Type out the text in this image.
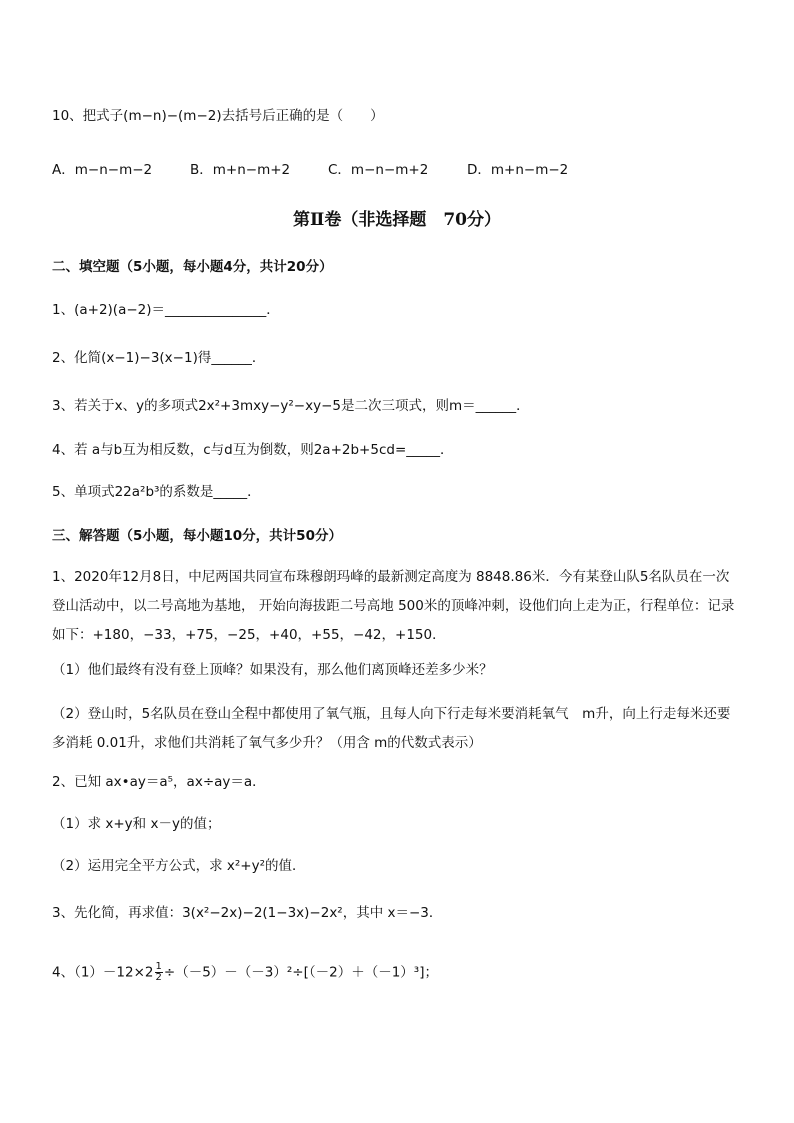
10、把式子(m−n)−(m−2)去括号后正确的是（　　）
A．m−n−m−2	B．m+n−m+2	C．m−n−m+2	D．m+n−m−2
第Ⅱ卷（非选择题　70分）
二、填空题（5小题，每小题4分，共计20分）
1、(a+2)(a−2)＝_______________．
2、化简(x−1)−3(x−1)得______．
3、若关于x、y的多项式2x²+3mxy−y²−xy−5是二次三项式，则m＝______．
4、若 a与b互为相反数，c与d互为倒数，则2a+2b+5cd=_____．
5、单项式22a²b³的系数是_____．
三、解答题（5小题，每小题10分，共计50分）
1、2020年12月8日，中尼两国共同宣布珠穆朗玛峰的最新测定高度为 8848.86米．今有某登山队5名队员在一次登山活动中，以二号高地为基地， 开始向海拔距二号高地 500米的顶峰冲刺，设他们向上走为正，行程单位：记录如下：+180，−33，+75，−25，+40，+55，−42，+150．
（1）他们最终有没有登上顶峰？如果没有，那么他们离顶峰还差多少米？
（2）登山时，5名队员在登山全程中都使用了氧气瓶，且每人向下行走每米要消耗氧气　m升，向上行走每米还要多消耗 0.01升，求他们共消耗了氧气多少升？（用含 m的代数式表示）
2、已知 ax•ay＝a⁵，ax÷ay＝a．
（1）求 x+y和 x－y的值；
（2）运用完全平方公式，求 x²+y²的值．
3、先化简，再求值：3(x²−2x)−2(1−3x)−2x²，其中 x＝−3．
4、$(1)-12\times 2 \frac{1}{2} \div(-5)-(-3)^2\div[(-2)+(-1)^3]$；
